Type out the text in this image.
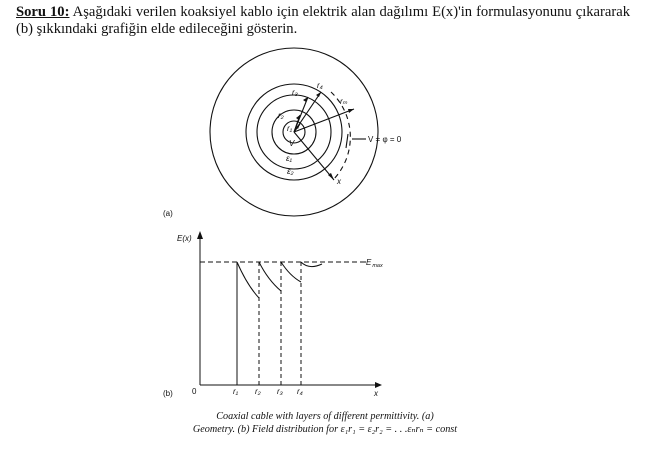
Soru 10: Aşağıdaki verilen koaksiyel kablo için elektrik alan dağılımı E(x)'in formulasyonunu çıkararak (b) şıkkındaki grafiğin elde edileceğini gösterin.
r₁
r₂
r₃
r₄
rₘ
V
ε₁
ε₂
x
V = φ = 0
(a)
E(x)
(b) 0	x
$E_{max}$
r₁ r₂ r₃ r₄
Coaxial cable with layers of different permittivity. (a)
Geometry. (b) Field distribution for ε₁r₁ = ε₂r₂ = . . .εₙrₙ = const
